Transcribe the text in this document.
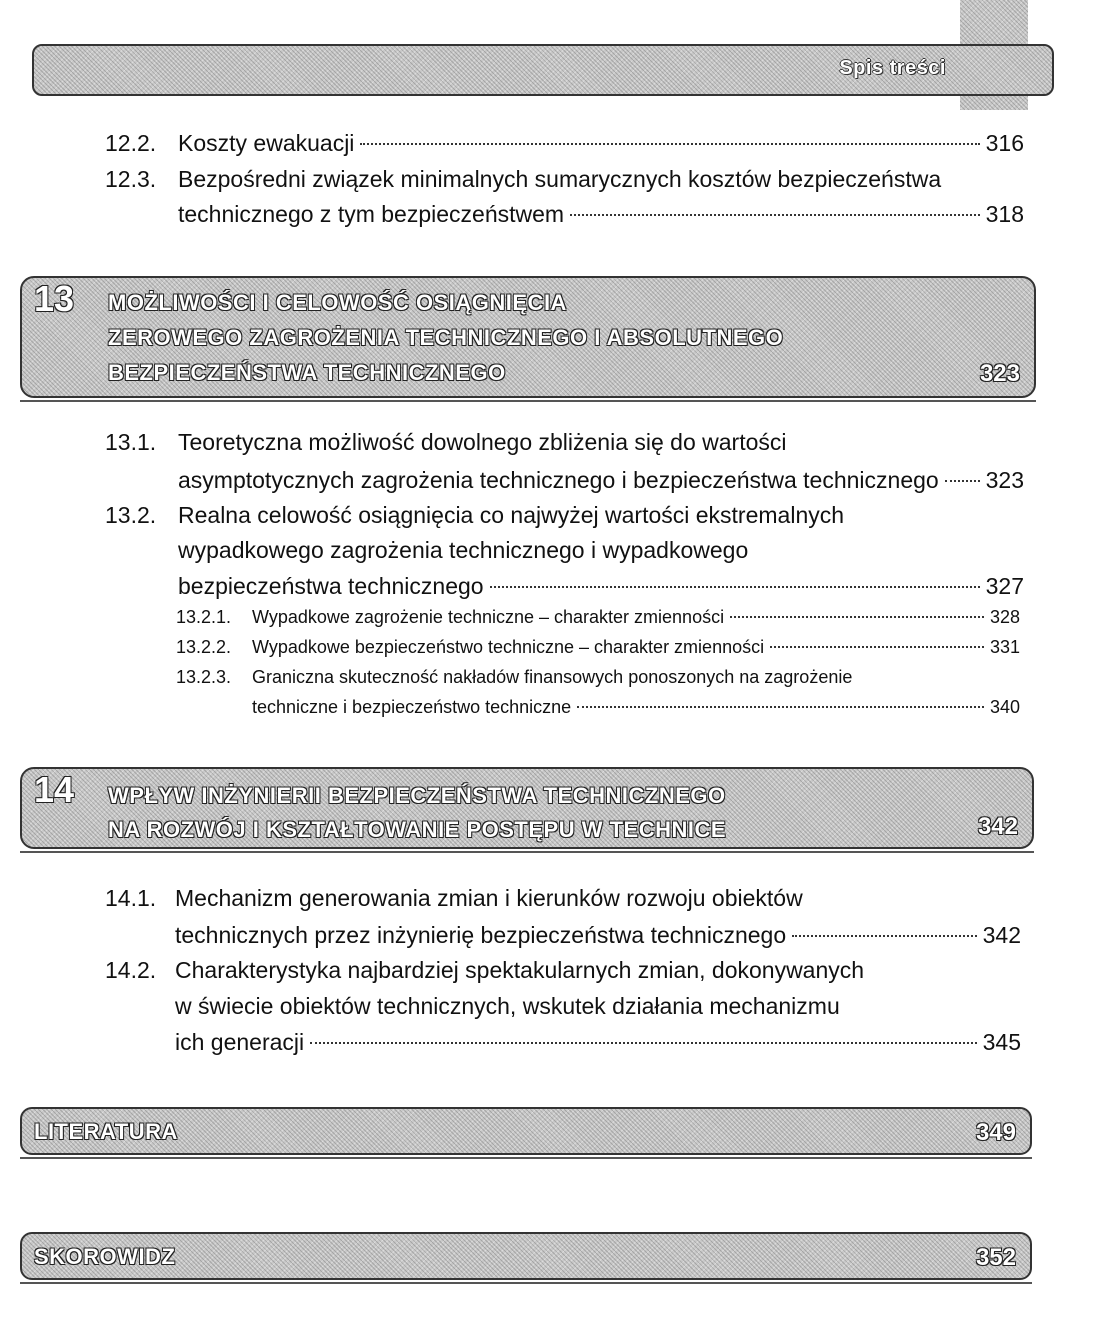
Spis treści
12.2. Koszty ewakuacji	316
12.3. Bezpośredni związek minimalnych sumarycznych kosztów bezpieczeństwa
technicznego z tym bezpieczeństwem	318
13 MOŻLIWOŚCI I CELOWOŚĆ OSIĄGNIĘCIA
ZEROWEGO ZAGROŻENIA TECHNICZNEGO I ABSOLUTNEGO
BEZPIECZEŃSTWA TECHNICZNEGO	323
13.1. Teoretyczna możliwość dowolnego zbliżenia się do wartości
asymptotycznych zagrożenia technicznego i bezpieczeństwa technicznego 323
13.2. Realna celowość osiągnięcia co najwyżej wartości ekstremalnych
wypadkowego zagrożenia technicznego i wypadkowego
bezpieczeństwa technicznego	327
13.2.1. Wypadkowe zagrożenie techniczne – charakter zmienności	328
13.2.2. Wypadkowe bezpieczeństwo techniczne – charakter zmienności	331
13.2.3. Graniczna skuteczność nakładów finansowych ponoszonych na zagrożenie
techniczne i bezpieczeństwo techniczne	340
14 WPŁYW INŻYNIERII BEZPIECZEŃSTWA TECHNICZNEGO
NA ROZWÓJ I KSZTAŁTOWANIE POSTĘPU W TECHNICE	342
14.1. Mechanizm generowania zmian i kierunków rozwoju obiektów
technicznych przez inżynierię bezpieczeństwa technicznego	342
14.2. Charakterystyka najbardziej spektakularnych zmian, dokonywanych
w świecie obiektów technicznych, wskutek działania mechanizmu
ich generacji	345
LITERATURA	349
SKOROWIDZ	352
